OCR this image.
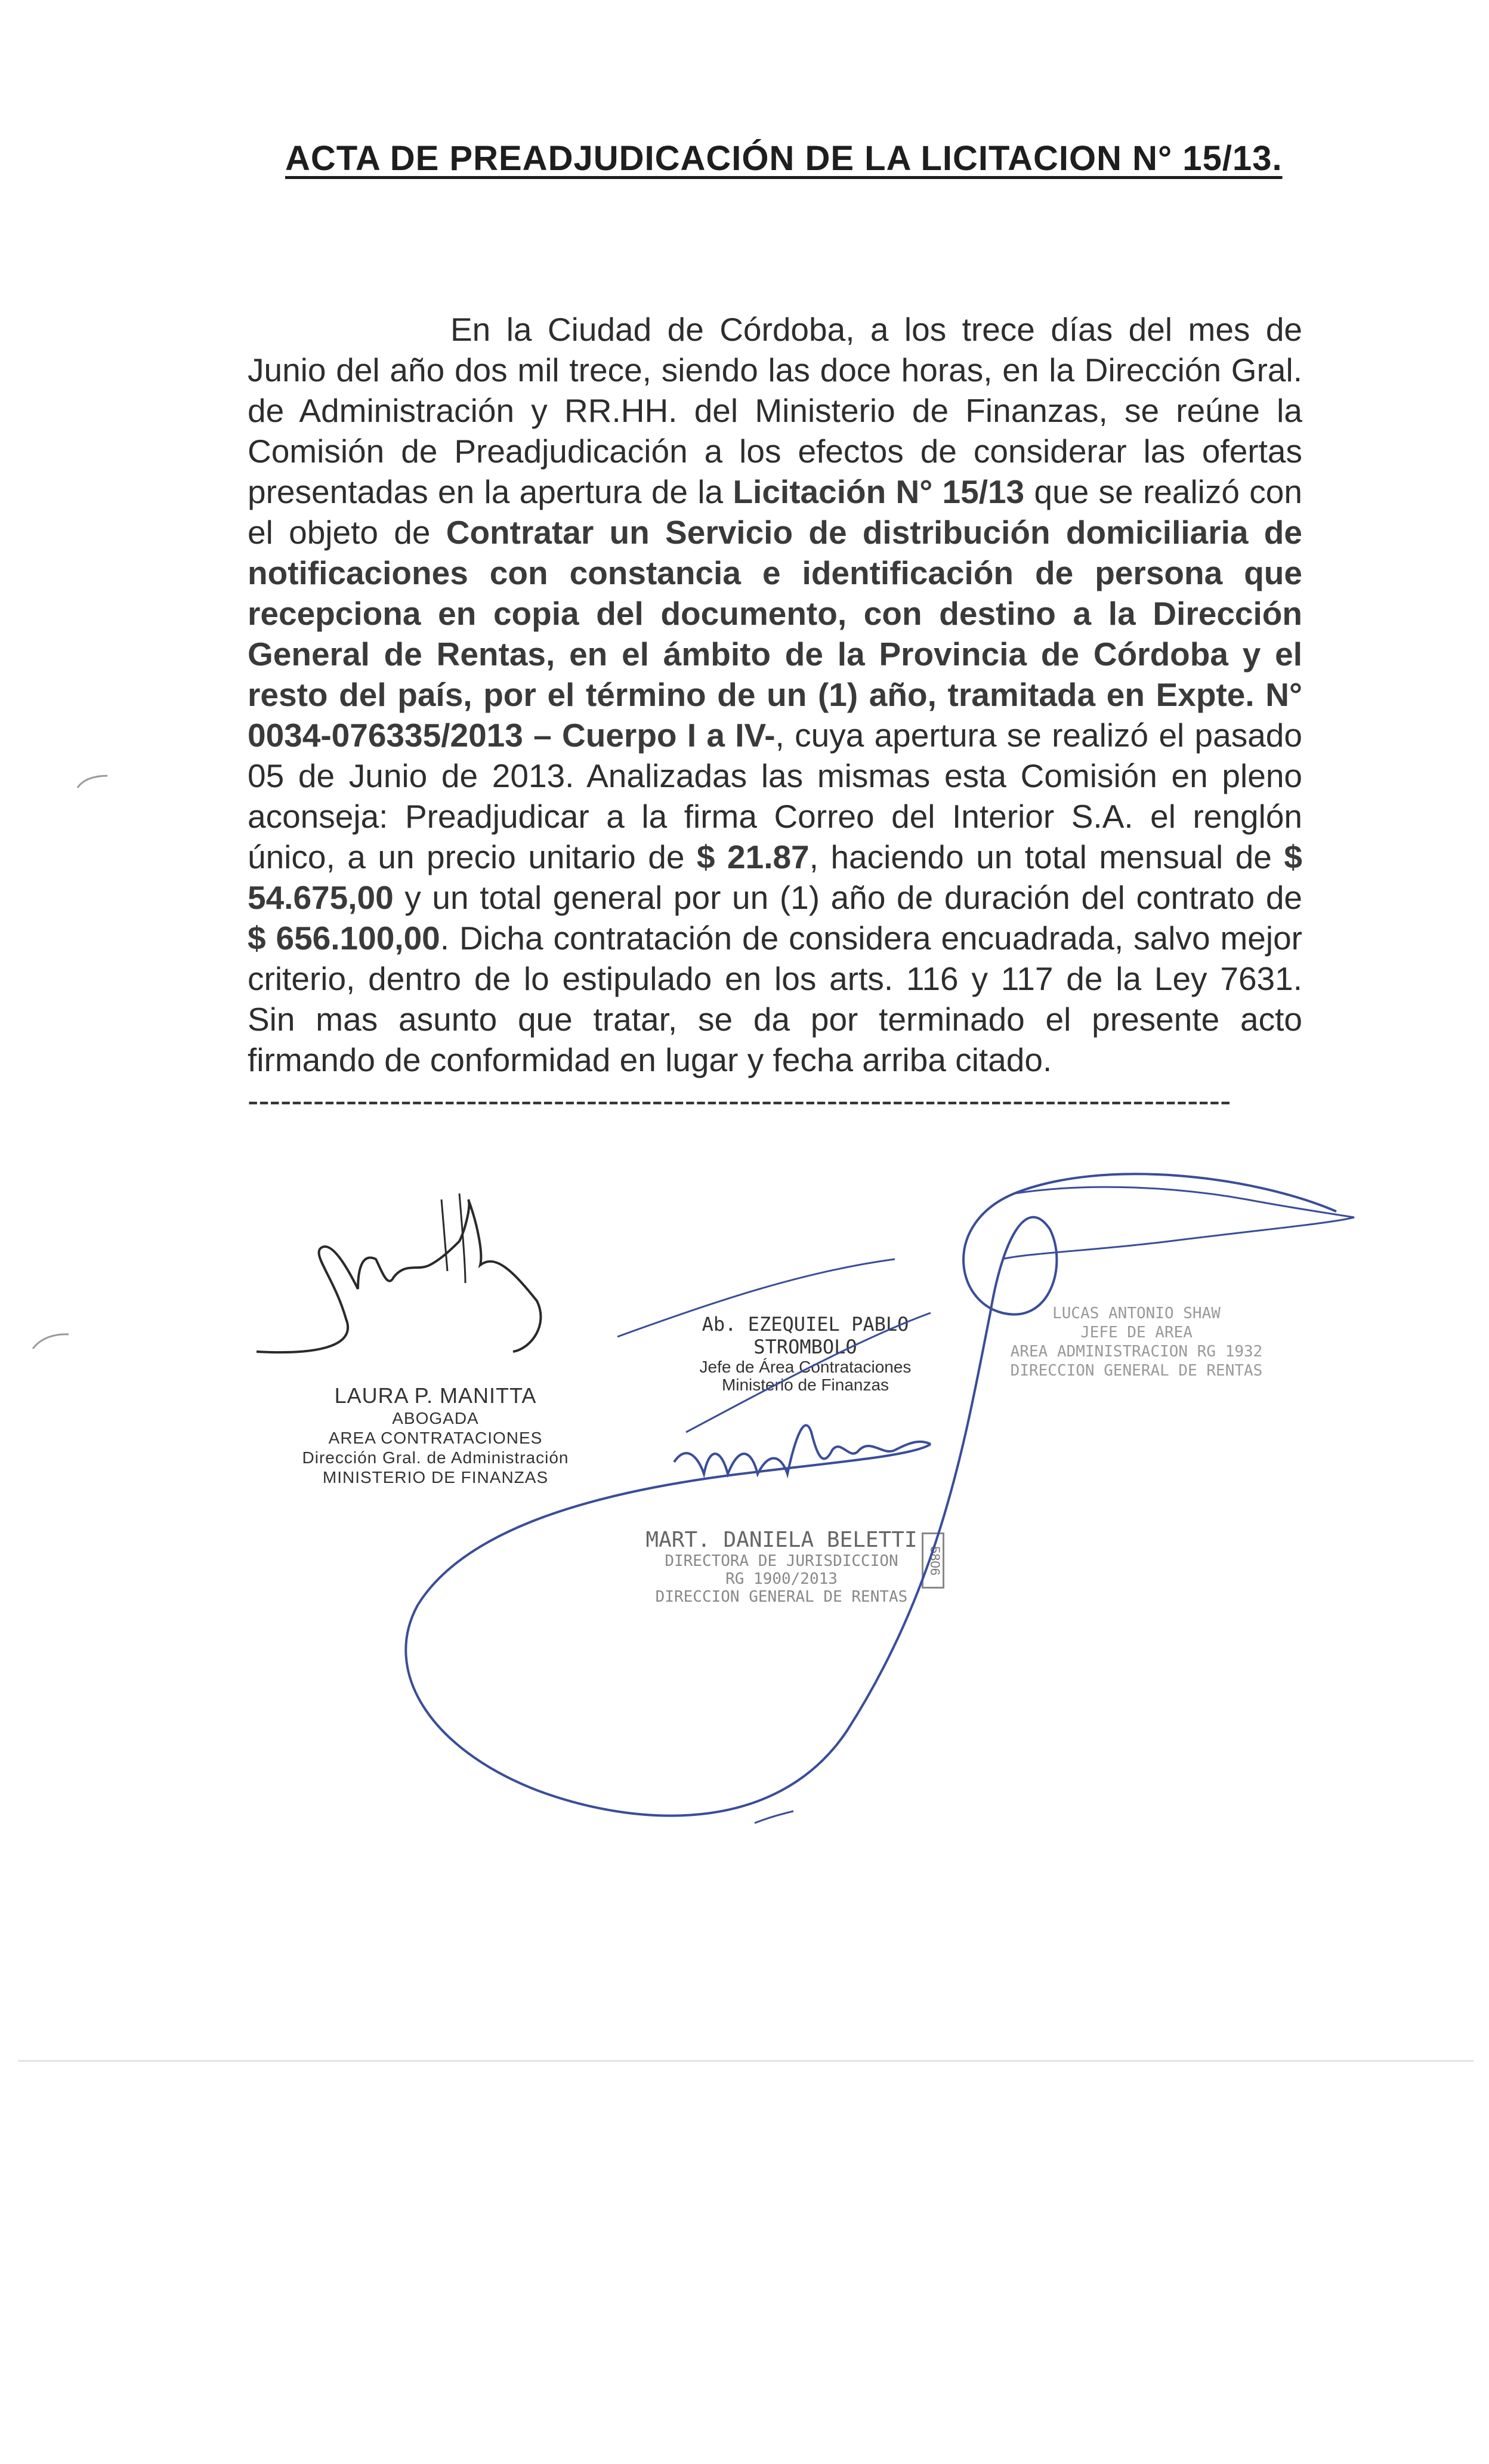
ACTA DE PREADJUDICACIÓN DE LA LICITACION N° 15/13.
En la Ciudad de Córdoba, a los trece días del mes de Junio del año dos mil trece, siendo las doce horas, en la Dirección Gral. de Administración y RR.HH. del Ministerio de Finanzas, se reúne la Comisión de Preadjudicación a los efectos de considerar las ofertas presentadas en la apertura de la Licitación N° 15/13 que se realizó con el objeto de Contratar un Servicio de distribución domiciliaria de notificaciones con constancia e identificación de persona que recepciona en copia del documento, con destino a la Dirección General de Rentas, en el ámbito de la Provincia de Córdoba y el resto del país, por el término de un (1) año, tramitada en Expte. N° 0034-076335/2013 – Cuerpo I a IV-, cuya apertura se realizó el pasado 05 de Junio de 2013. Analizadas las mismas esta Comisión en pleno aconseja: Preadjudicar a la firma Correo del Interior S.A. el renglón único, a un precio unitario de $ 21.87, haciendo un total mensual de $ 54.675,00 y un total general por un (1) año de duración del contrato de $ 656.100,00. Dicha contratación de considera encuadrada, salvo mejor criterio, dentro de lo estipulado en los arts. 116 y 117 de la Ley 7631. Sin mas asunto que tratar, se da por terminado el presente acto firmando de conformidad en lugar y fecha arriba citado.
------------------------------------------------------------------------------------------
LAURA P. MANITTA
ABOGADA
AREA CONTRATACIONES
Dirección Gral. de Administración
MINISTERIO DE FINANZAS
Ab. EZEQUIEL PABLO STROMBOLO
Jefe de Área Contrataciones
Ministerio de Finanzas
MART. DANIELA BELETTI
DIRECTORA DE JURISDICCION
RG 1900/2013
DIRECCION GENERAL DE RENTAS
5806
LUCAS ANTONIO SHAW
JEFE DE AREA
AREA ADMINISTRACION RG 1932
DIRECCION GENERAL DE RENTAS
